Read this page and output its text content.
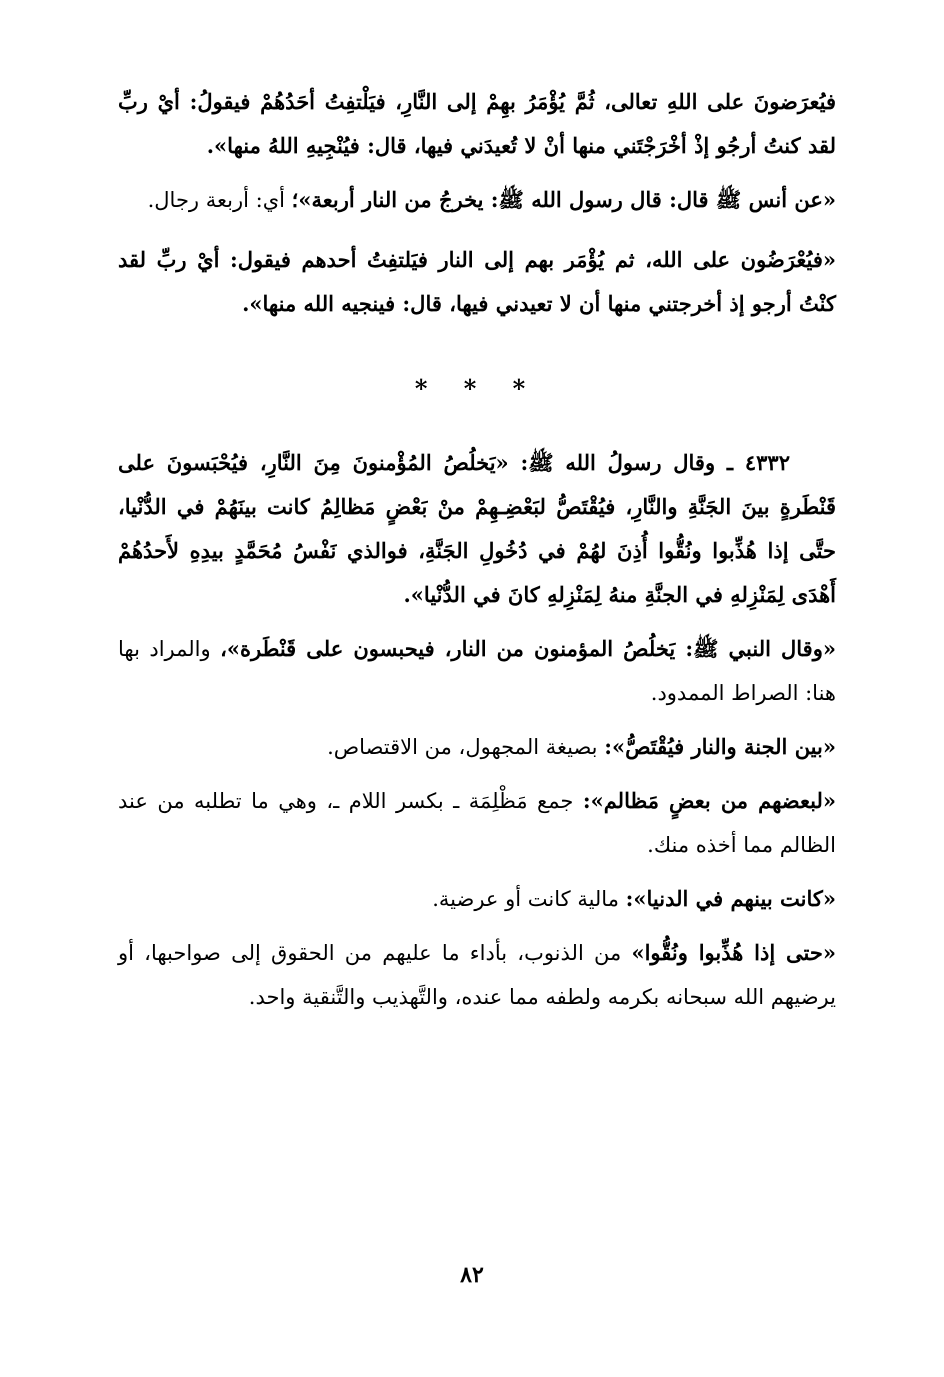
فيُعرَضونَ على اللهِ تعالى، ثُمَّ يُؤْمَرُ بهِمْ إلى النَّارِ، فيَلْتفِتُ أحَدُهُمْ فيقولُ: أيْ ربِّ لقد كنتُ أرجُو إذْ أخْرَجْتَني منها أنْ لا تُعيدَني فيها، قال: فيُنْجِيهِ اللهُ منها».

«عن أنس ﷺ قال: قال رسول الله ﷺ: يخرجُ من النار أربعة»؛ أي: أربعة رجال.

«فيُعْرَضُون على الله، ثم يُؤْمَر بهم إلى النار فيَلتفِتُ أحدهم فيقول: أيْ ربِّ لقد كنْتُ أرجو إذ أخرجتني منها أن لا تعيدني فيها، قال: فينجيه الله منها».

* * *

٤٣٣٢ ـ وقال رسولُ الله ﷺ: «يَخلُصُ المُؤْمنونَ مِنَ النَّارِ، فيُحْبَسونَ على قَنْطَرةٍ بينَ الجَنَّةِ والنَّارِ، فيُقْتَصُّ لبَعْضِـهِمْ منْ بَعْضٍ مَظالِمُ كانت بينَهُمْ في الدُّنْيا، حتَّى إذا هُذِّبوا ونُقُّوا أُذِنَ لهُمْ في دُخُولِ الجَنَّةِ، فوالذي نَفْسُ مُحَمَّدٍ بيدِهِ لأَحدُهُمْ أَهْدَى لِمَنْزِلهِ في الجنَّةِ منهُ لِمَنْزِلهِ كانَ في الدُّنْيا».

«وقال النبي ﷺ: يَخلُصُ المؤمنون من النار، فيحبسون على قَنْطَرة»، والمراد بها هنا: الصراط الممدود.

«بين الجنة والنار فيُقْتَصُّ»: بصيغة المجهول، من الاقتصاص.

«لبعضهم من بعضٍ مَظالم»: جمع مَظْلِمَة ـ بكسر اللام ـ، وهي ما تطلبه من عند الظالم مما أخذه منك.

«كانت بينهم في الدنيا»: مالية كانت أو عرضية.

«حتى إذا هُذِّبوا ونُقُّوا» من الذنوب، بأداء ما عليهم من الحقوق إلى صواحبها، أو يرضيهم الله سبحانه بكرمه ولطفه مما عنده، والتَّهذيب والتَّنقية واحد.

٨٢
